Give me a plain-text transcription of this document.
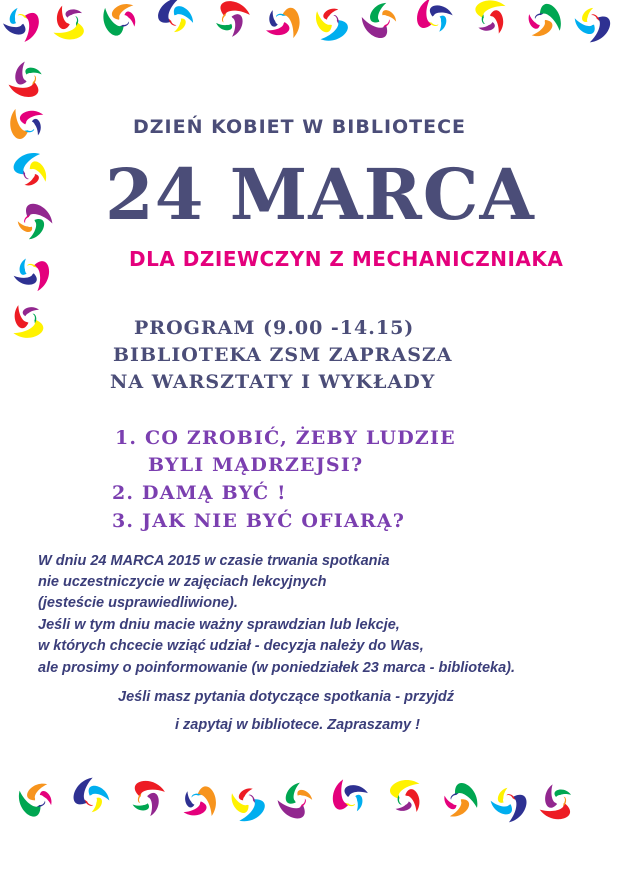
DZIEŃ KOBIET W BIBLIOTECE
24 MARCA
DLA DZIEWCZYN Z MECHANICZNIAKA
PROGRAM (9.00 -14.15)
BIBLIOTEKA ZSM ZAPRASZA
NA WARSZTATY I WYKŁADY
1. CO ZROBIĆ, ŻEBY LUDZIE
BYLI MĄDRZEJSI?
2. DAMĄ BYĆ !
3. JAK NIE BYĆ OFIARĄ?
W dniu 24 MARCA 2015 w czasie trwania spotkania
nie uczestniczycie w zajęciach lekcyjnych
(jesteście usprawiedliwione).
Jeśli w tym dniu macie ważny sprawdzian lub lekcje,
w których chcecie wziąć udział - decyzja należy do Was,
ale prosimy o poinformowanie (w poniedziałek 23 marca - biblioteka).
Jeśli masz pytania dotyczące spotkania - przyjdź
i zapytaj w bibliotece. Zapraszamy !
